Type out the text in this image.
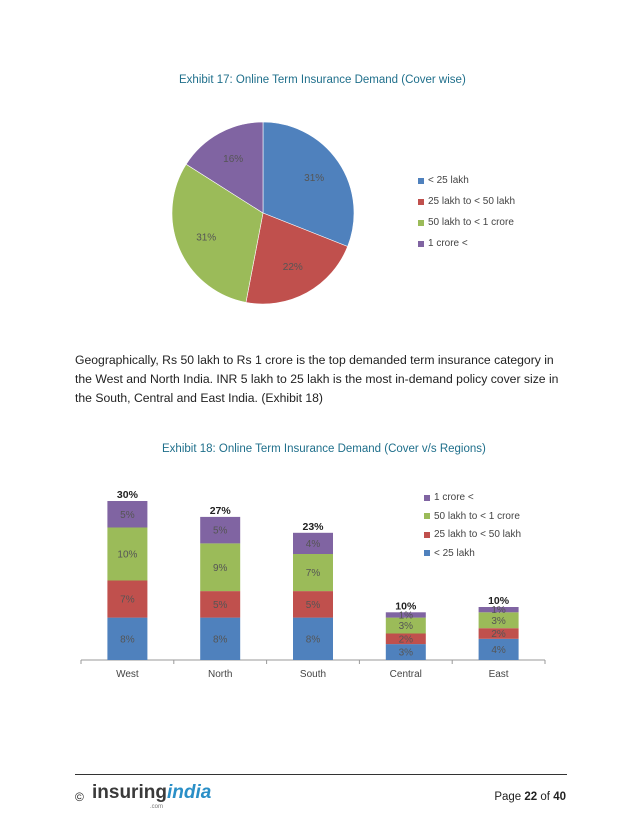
Exhibit 17: Online Term Insurance Demand (Cover wise)
31%
22%
31%
16%
< 25 lakh
25 lakh to < 50 lakh
50 lakh to < 1 crore
1 crore <
Geographically, Rs 50 lakh to Rs 1 crore is the top demanded term insurance category in the West and North India. INR 5 lakh to 25 lakh is the most in-demand policy cover size in the South, Central and East India. (Exhibit 18)
Exhibit 18: Online Term Insurance Demand (Cover v/s Regions)
8%
7%
10%
5%
30%
West
8%
5%
9%
5%
27%
North
8%
5%
7%
4%
23%
South
3%
2%
3%
1%
10%
Central
4%
2%
3%
1%
10%
East
1 crore <
50 lakh to < 1 crore
25 lakh to < 50 lakh
< 25 lakh
© insuringindia
.com
Page 22 of 40
